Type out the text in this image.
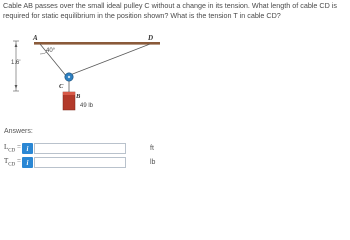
Cable AB passes over the small ideal pulley C without a change in its tension. What length of cable CD is required for static equilibrium in the position shown? What is the tension T in cable CD?

1.6'
40°
A	D
C
B
49 lb
Answers:
$L_{CD} = i$	ft
$T_{CD} = i$	lb
